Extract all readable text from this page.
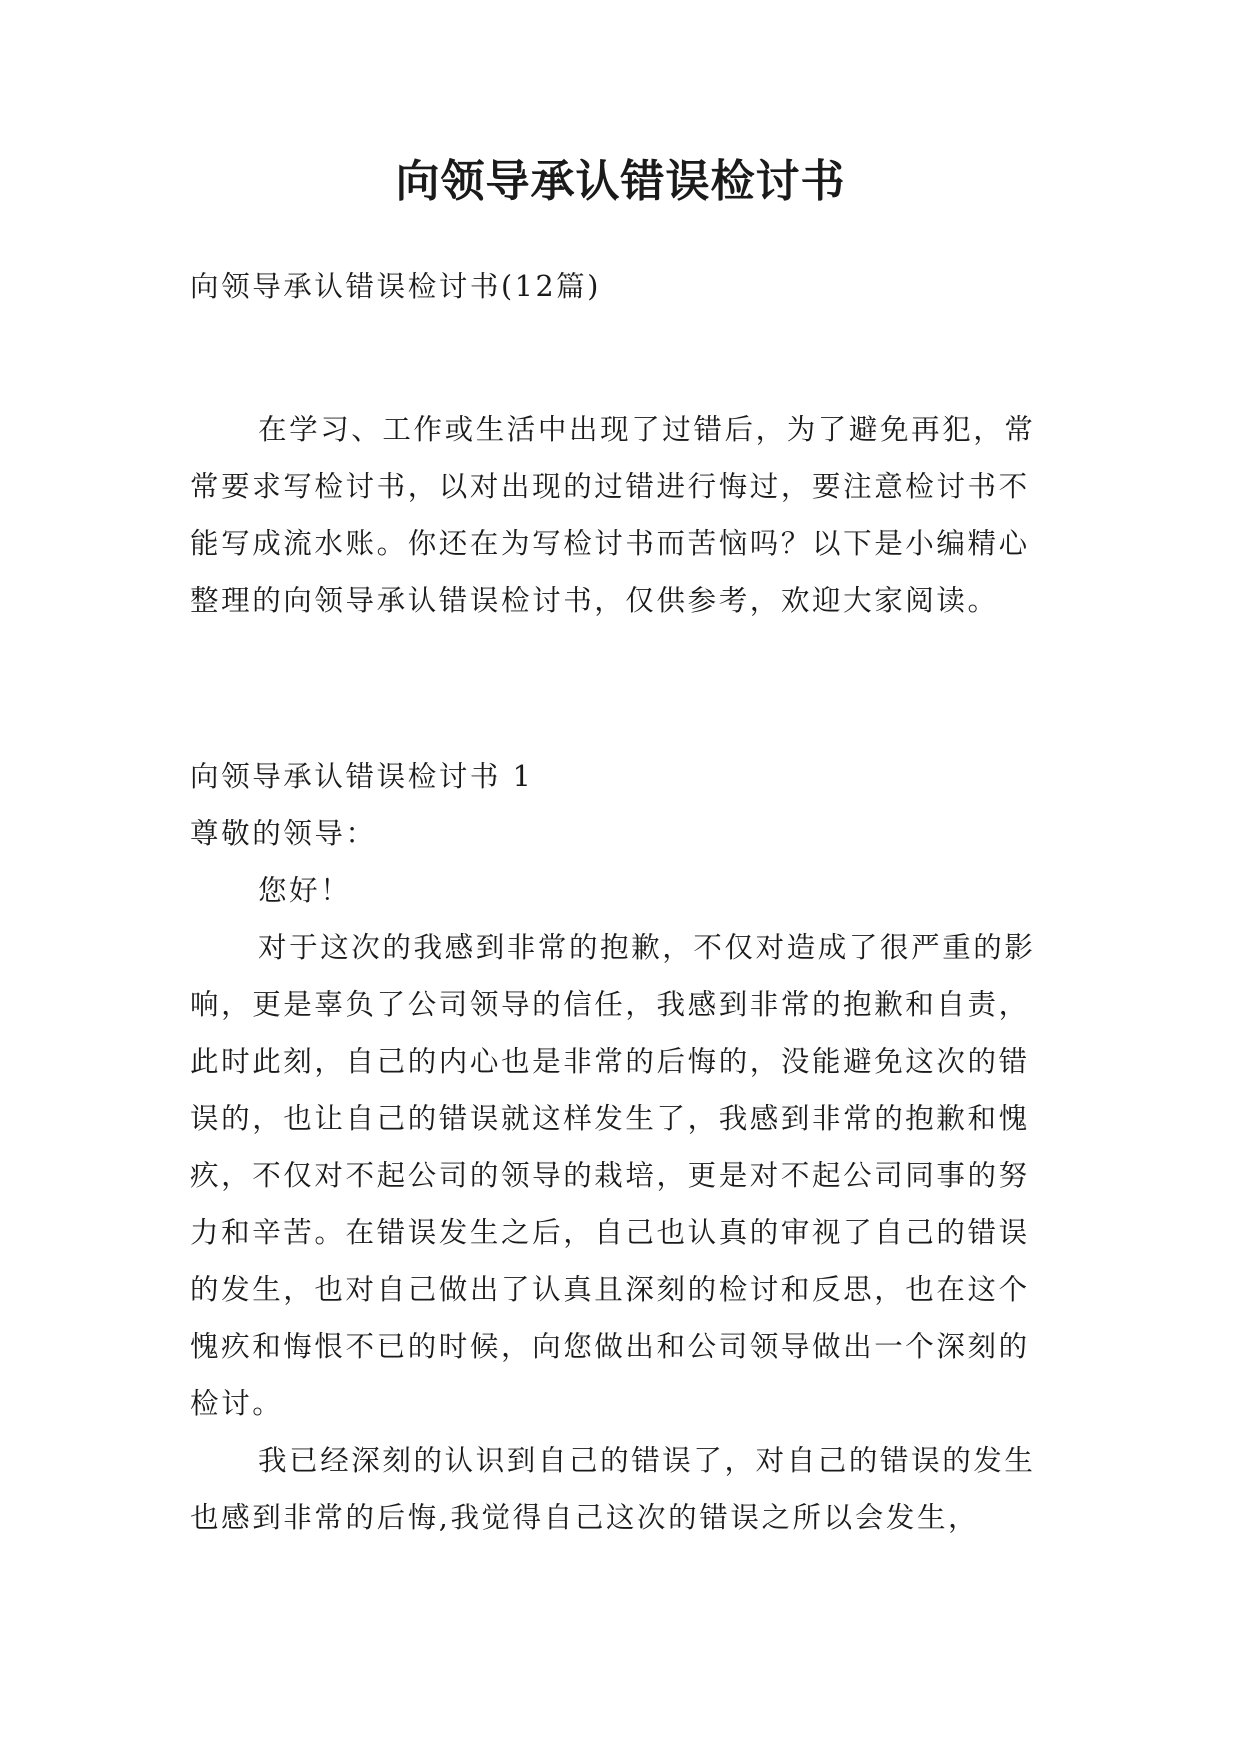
向领导承认错误检讨书

向领导承认错误检讨书(12篇)

在学习、工作或生活中出现了过错后，为了避免再犯，常常要求写检讨书，以对出现的过错进行悔过，要注意检讨书不能写成流水账。你还在为写检讨书而苦恼吗？以下是小编精心整理的向领导承认错误检讨书，仅供参考，欢迎大家阅读。

向领导承认错误检讨书 1

尊敬的领导：

您好！

对于这次的我感到非常的抱歉，不仅对造成了很严重的影响，更是辜负了公司领导的信任，我感到非常的抱歉和自责，此时此刻，自己的内心也是非常的后悔的，没能避免这次的错误的，也让自己的错误就这样发生了，我感到非常的抱歉和愧疚，不仅对不起公司的领导的栽培，更是对不起公司同事的努力和辛苦。在错误发生之后，自己也认真的审视了自己的错误的发生，也对自己做出了认真且深刻的检讨和反思，也在这个愧疚和悔恨不已的时候，向您做出和公司领导做出一个深刻的检讨。

我已经深刻的认识到自己的错误了，对自己的错误的发生也感到非常的后悔,我觉得自己这次的错误之所以会发生，
